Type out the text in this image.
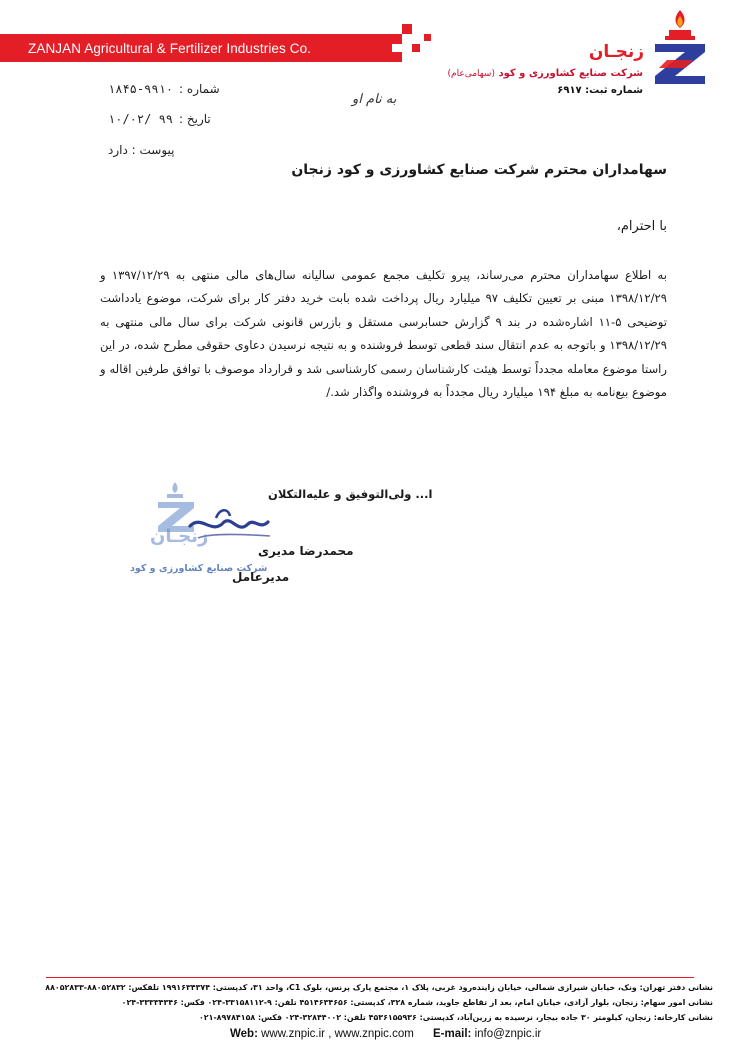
ZANJAN Agricultural & Fertilizer Industries Co.	زنجـان
شرکت صنایع کشاورزی و کود (سهامی‌عام)
شماره ثبت: ۶۹۱۷
شماره :۹۹۱۰-۱۸۴۵
تاریخ :۹۹ /۱۰/۰۲
پیوست : دارد
به نام او
سهامداران محترم شرکت صنایع کشاورزی و کود زنجان
با احترام،
به اطلاع سهامداران محترم می‌رساند، پیرو تکلیف مجمع عمومی سالیانه سال‌های مالی منتهی به ۱۳۹۷/۱۲/۲۹ و ۱۳۹۸/۱۲/۲۹ مبنی بر تعیین تکلیف ۹۷ میلیارد ریال پرداخت شده بابت خرید دفتر کار برای شرکت، موضوع یادداشت توضیحی ۵-۱۱ اشاره‌شده در بند ۹ گزارش حسابرسی مستقل و بازرس قانونی شرکت برای سال مالی منتهی به ۱۳۹۸/۱۲/۲۹ و باتوجه به عدم انتقال سند قطعی توسط فروشنده و به نتیجه نرسیدن دعاوی حقوقی مطرح شده، در این راستا موضوع معامله مجدداً توسط هیئت کارشناسان رسمی کارشناسی شد و قرارداد موصوف با توافق طرفین اقاله و موضوع بیع‌نامه به مبلغ ۱۹۴ میلیارد ریال مجدداً به فروشنده واگذار شد./
زنجـان
شرکت صنایع کشاورزی و کود
ا... ولی‌التوفیق و علیه‌التکلان
محمدرضا مدیری
مدیرعامل
نشانی دفتر تهران: ونک، خیابان شیرازی شمالی، خیابان زاینده‌رود غربی، پلاک ۱، مجتمع پارک پرنس، بلوک C1، واحد ۳۱، کدپستی: ۱۹۹۱۶۳۴۳۷۴ تلفکس: ۸۸۰۵۲۸۳۲-۸۸۰۵۲۸۳۳
نشانی امور سهام: زنجان، بلوار آزادی، خیابان امام، بعد از تقاطع جاوید، شماره ۳۲۸، کدپستی: ۴۵۱۴۶۳۴۶۵۶ تلفن: ۹-۳۳۱۵۸۱۱۲-۰۲۴ فکس: ۳۳۳۳۴۳۴۶-۰۲۴
نشانی کارخانه: زنجان، کیلومتر ۳۰ جاده بیجار، نرسیده به زرین‌آباد، کدپستی: ۴۵۳۶۱۵۵۹۳۶ تلفن: ۳۲۸۴۴۰۰۲-۰۲۴ فکس: ۸۹۷۸۴۱۵۸-۰۲۱
Web: www.znpic.ir , www.znpic.com E-mail: info@znpic.ir
